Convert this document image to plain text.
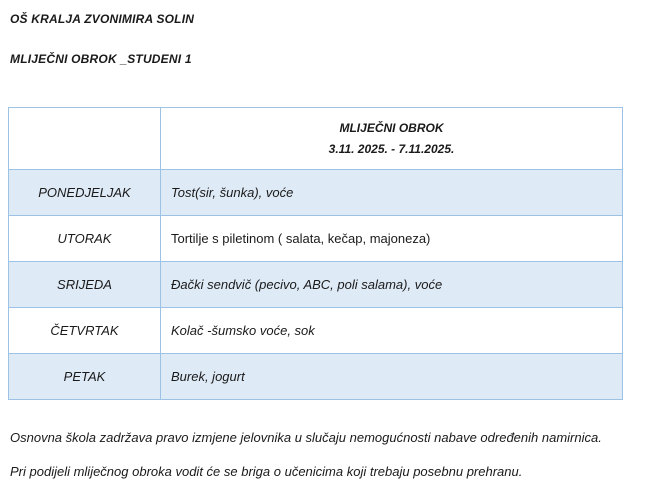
OŠ KRALJA ZVONIMIRA SOLIN
MLIJEČNI OBROK _STUDENI 1

	MLIJEČNI OBROK
3.11. 2025. - 7.11.2025.

PONEDJELJAK	Tost(sir, šunka), voće
UTORAK	Tortilje s piletinom ( salata, kečap, majoneza)
SRIJEDA	Đački sendvič (pecivo, ABC, poli salama), voće
ČETVRTAK	Kolač -šumsko voće, sok
PETAK	Burek, jogurt
Osnovna škola zadržava pravo izmjene jelovnika u slučaju nemogućnosti nabave određenih namirnica.
Pri podijeli mliječnog obroka vodit će se briga o učenicima koji trebaju posebnu prehranu.
